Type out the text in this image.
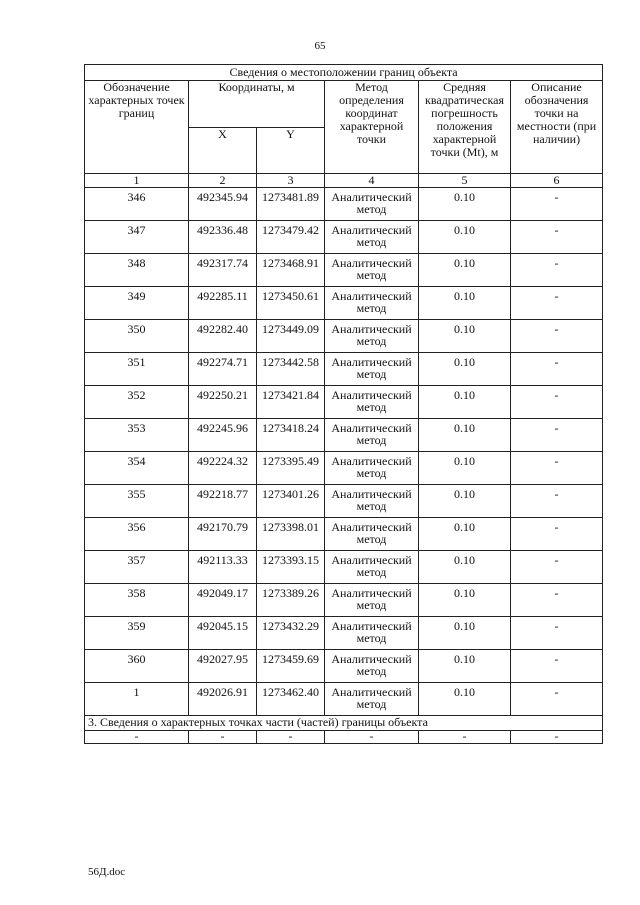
65
Сведения о местоположении границ объекта					
Обозначение характерных точек границ	Координаты, м		Метод определения координат характерной точки	Средняя квадратическая погрешность положения характерной точки (Mt), м	Описание обозначения точки на местности (при наличии)
	X	Y			
1	2	3	4	5	6
346	492345.94	1273481.89	Аналитический метод	0.10	-
347	492336.48	1273479.42	Аналитический метод	0.10	-
348	492317.74	1273468.91	Аналитический метод	0.10	-
349	492285.11	1273450.61	Аналитический метод	0.10	-
350	492282.40	1273449.09	Аналитический метод	0.10	-
351	492274.71	1273442.58	Аналитический метод	0.10	-
352	492250.21	1273421.84	Аналитический метод	0.10	-
353	492245.96	1273418.24	Аналитический метод	0.10	-
354	492224.32	1273395.49	Аналитический метод	0.10	-
355	492218.77	1273401.26	Аналитический метод	0.10	-
356	492170.79	1273398.01	Аналитический метод	0.10	-
357	492113.33	1273393.15	Аналитический метод	0.10	-
358	492049.17	1273389.26	Аналитический метод	0.10	-
359	492045.15	1273432.29	Аналитический метод	0.10	-
360	492027.95	1273459.69	Аналитический метод	0.10	-
1	492026.91	1273462.40	Аналитический метод	0.10	-
3. Сведения о характерных точках части (частей) границы объекта					
-	-	-	-	-	-
56Д.doc
